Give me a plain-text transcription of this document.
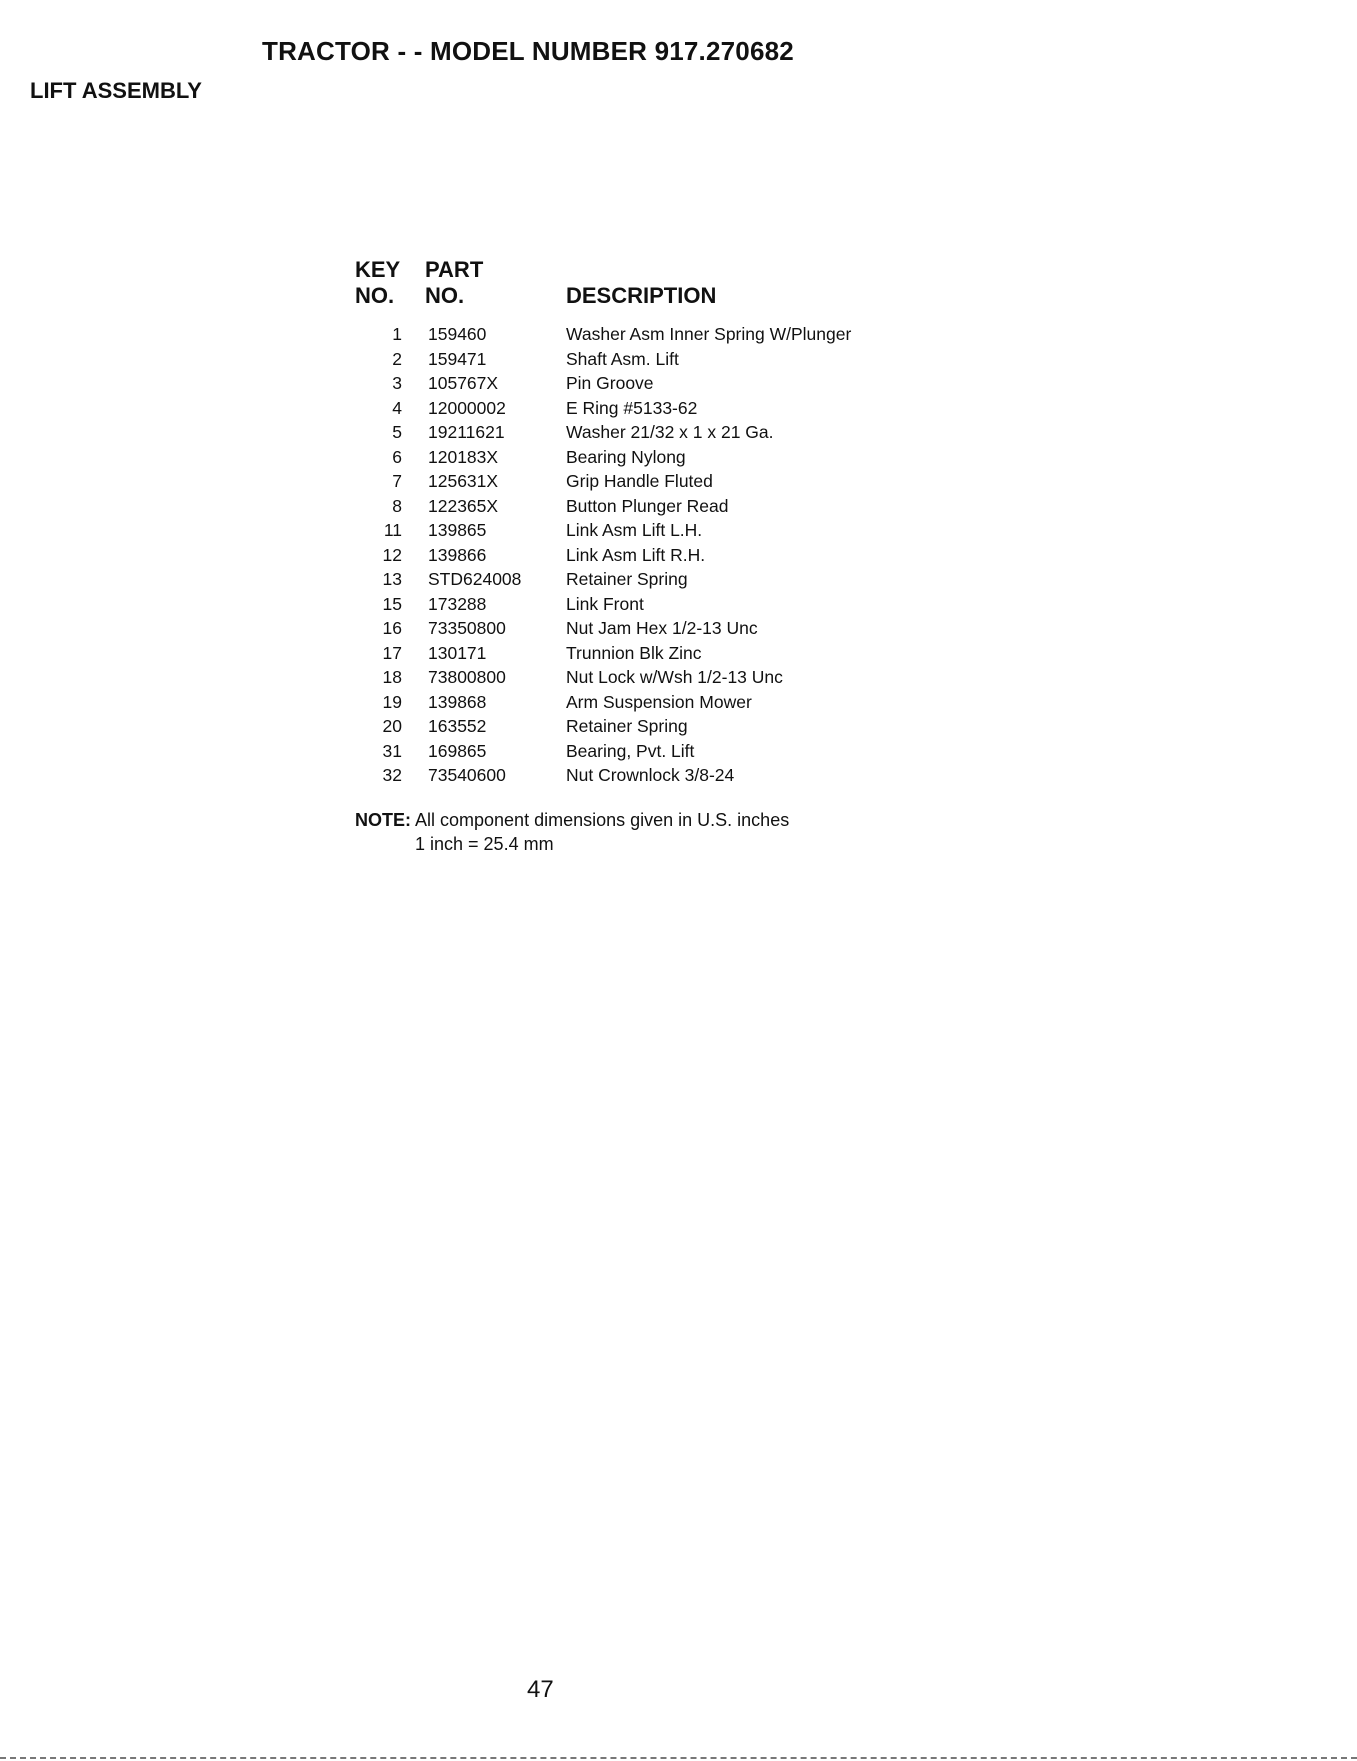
TRACTOR - - MODEL NUMBER 917.270682
LIFT ASSEMBLY
KEY
NO.
PART
NO.	DESCRIPTION
1	159460	Washer Asm Inner Spring W/Plunger
2	159471	Shaft Asm. Lift
3	105767X	Pin Groove
4	12000002	E Ring #5133-62
5	19211621	Washer 21/32 x 1 x 21 Ga.
6	120183X	Bearing Nylong
7	125631X	Grip Handle Fluted
8	122365X	Button Plunger Read
11	139865	Link Asm Lift L.H.
12	139866	Link Asm Lift R.H.
13	STD624008	Retainer Spring
15	173288	Link Front
16	73350800	Nut Jam Hex 1/2-13 Unc
17	130171	Trunnion Blk Zinc
18	73800800	Nut Lock w/Wsh 1/2-13 Unc
19	139868	Arm Suspension Mower
20	163552	Retainer Spring
31	169865	Bearing, Pvt. Lift
32	73540600	Nut Crownlock 3/8-24
NOTE: All component dimensions given in U.S. inches
1 inch = 25.4 mm
47
